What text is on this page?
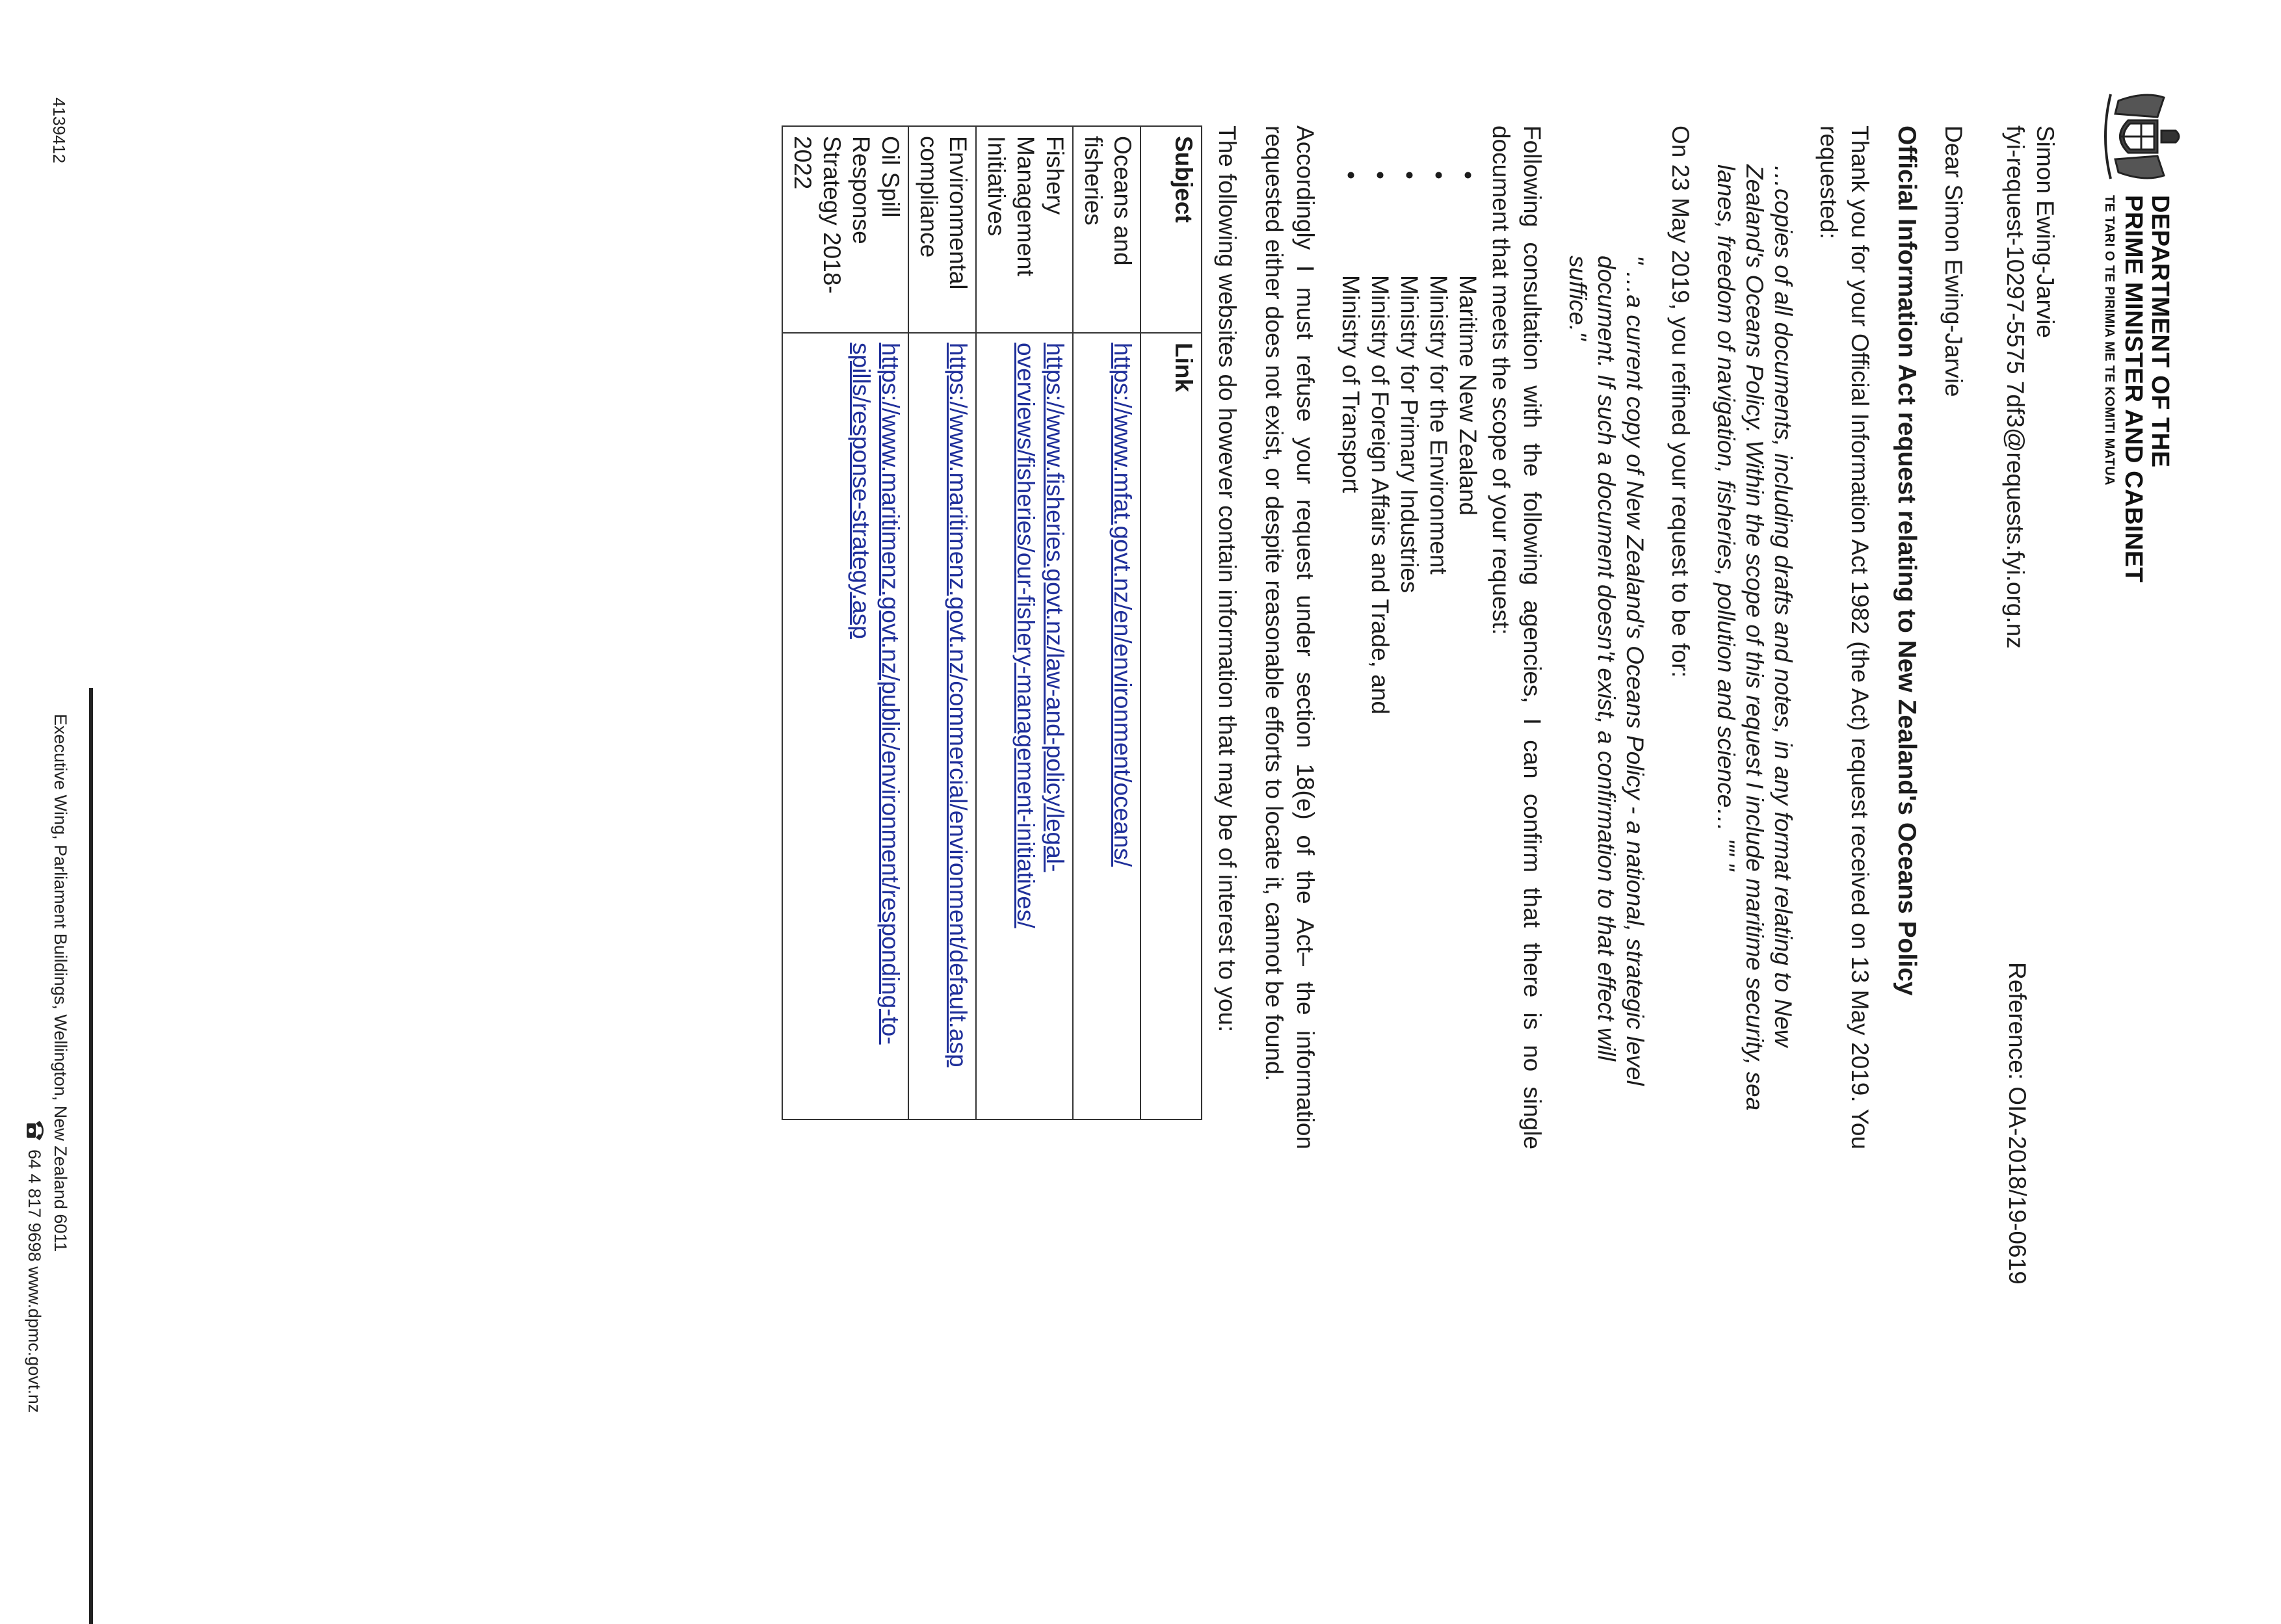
DEPARTMENT OF THE
PRIME MINISTER AND CABINET
TE TARI O TE PIRIMIA ME TE KOMITI MATUA
Reference: OIA-2018/19-0619
Simon Ewing-Jarvie
fyi-request-10297-5575 7df3@requests.fyi.org.nz

Dear Simon Ewing-Jarvie

Official Information Act request relating to New Zealand's Oceans Policy

Thank you for your Official Information Act 1982 (the Act) request received on 13 May 2019. You requested:

…copies of all documents, including drafts and notes, in any format relating to New Zealand's Oceans Policy. Within the scope of this request I include maritime security, sea lanes, freedom of navigation, fisheries, pollution and science… "" "

On 23 May 2019, you refined your request to be for:

" …a current copy of New Zealand's Oceans Policy - a national, strategic level document. If such a document doesn't exist, a confirmation to that effect will suffice."

Following consultation with the following agencies, I can confirm that there is no single document that meets the scope of your request:

• Maritime New Zealand
• Ministry for the Environment
• Ministry for Primary Industries
• Ministry of Foreign Affairs and Trade, and
• Ministry of Transport

Accordingly I must refuse your request under section 18(e) of the Act– the information requested either does not exist, or despite reasonable efforts to locate it, cannot be found.

The following websites do however contain information that may be of interest to you:

Subject	Link
Oceans and fisheries	https://www.mfat.govt.nz/en/environment/oceans/
Fishery Management Initiatives	https://www.fisheries.govt.nz/law-and-policy/legal-overviews/fisheries/our-fishery-management-initiatives/
Environmental compliance	https://www.maritimenz.govt.nz/commercial/environment/default.asp
Oil Spill Response Strategy 2018-2022	https://www.maritimenz.govt.nz/public/environment/responding-to-spills/response-strategy.asp
Executive Wing, Parliament Buildings, Wellington, New Zealand 6011
64 4 817 9698 www.dpmc.govt.nz
4139412
